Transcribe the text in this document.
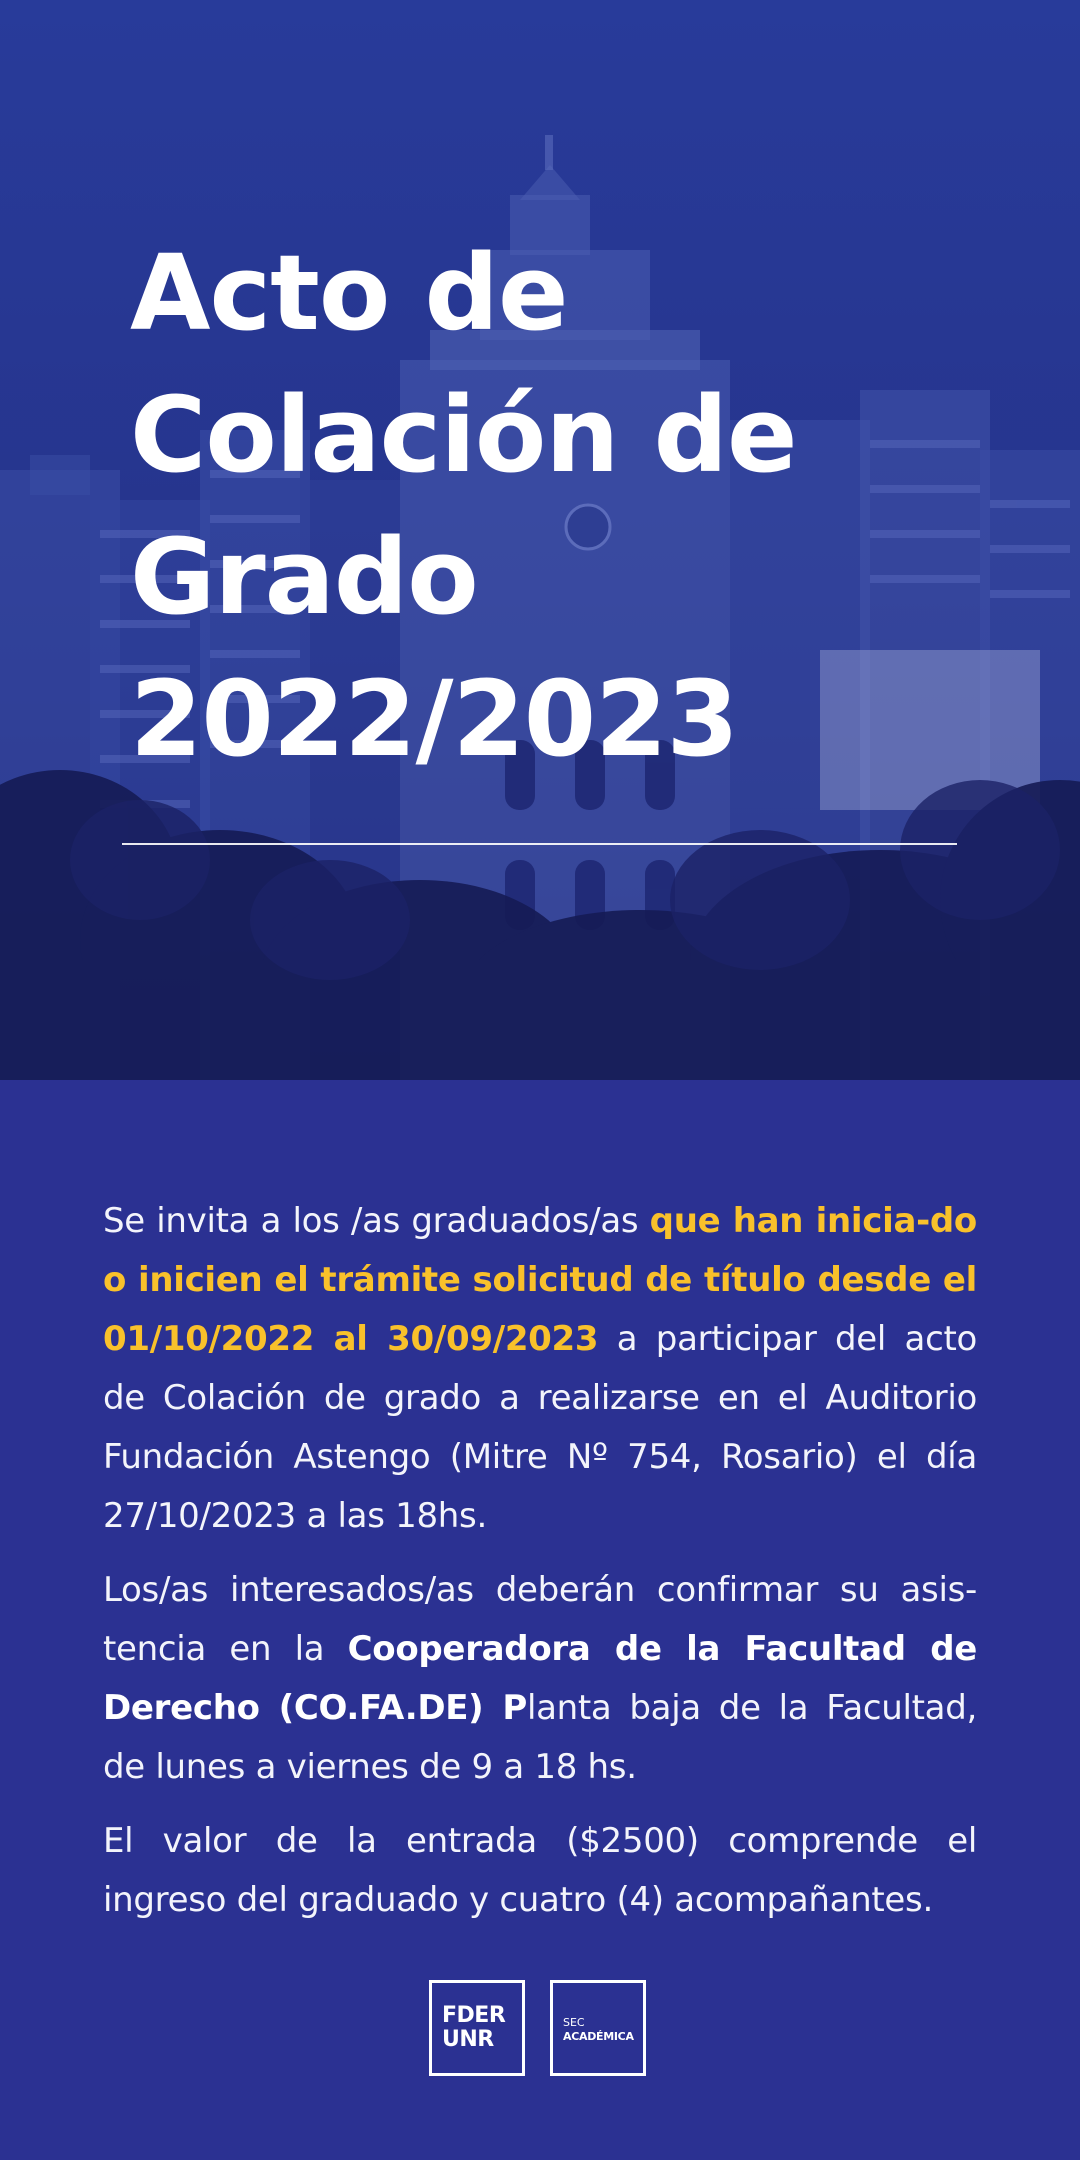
Acto de
Colación de
Grado
2022/2023

Se invita a los /as graduados/as que han inicia-do o inicien el trámite solicitud de título desde el 01/10/2022 al 30/09/2023 a participar del acto de Colación de grado a realizarse en el Auditorio Fundación Astengo (Mitre Nº 754, Rosario) el día 27/10/2023 a las 18hs.

Los/as interesados/as deberán confirmar su asis-tencia en la Cooperadora de la Facultad de Derecho (CO.FA.DE) Planta baja de la Facultad, de lunes a viernes de 9 a 18 hs.

El valor de la entrada ($2500) comprende el ingreso del graduado y cuatro (4) acompañantes.

FDER
UNR
SEC
ACADÉMICA
